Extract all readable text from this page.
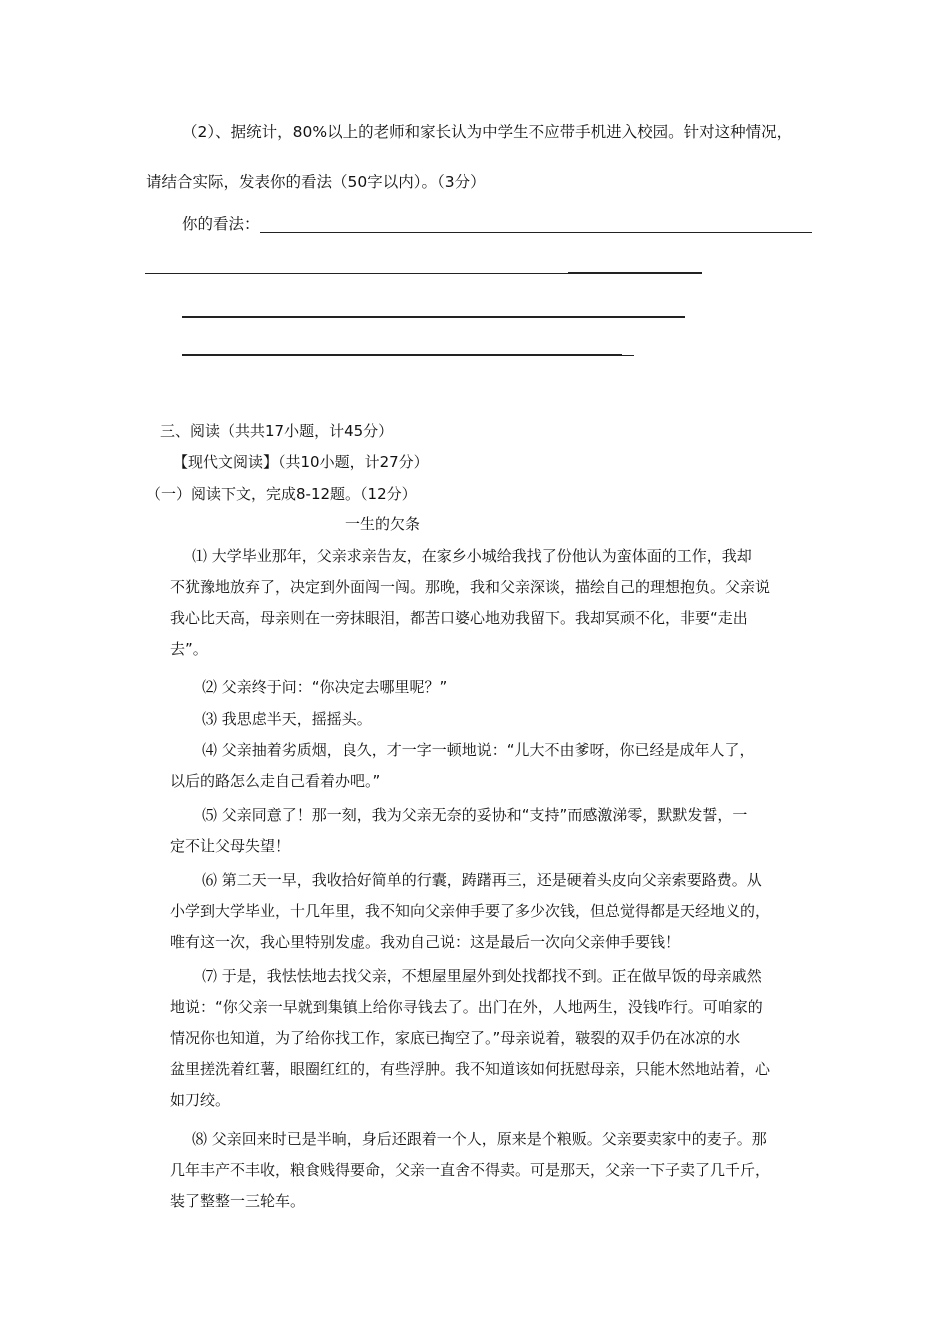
（2）、据统计，80%以上的老师和家长认为中学生不应带手机进入校园。针对这种情况，
请结合实际，发表你的看法（50字以内）。（3分）
你的看法：
三、阅读（共共17小题，计45分）
【现代文阅读】（共10小题，计27分）
（一）阅读下文，完成8-12题。（12分）
一生的欠条
⑴ 大学毕业那年，父亲求亲告友，在家乡小城给我找了份他认为蛮体面的工作，我却
不犹豫地放弃了，决定到外面闯一闯。那晚，我和父亲深谈，描绘自己的理想抱负。父亲说
我心比天高，母亲则在一旁抹眼泪，都苦口婆心地劝我留下。我却冥顽不化，非要“走出
去”。
⑵ 父亲终于问：“你决定去哪里呢？”
⑶ 我思虑半天，摇摇头。
⑷ 父亲抽着劣质烟，良久，才一字一顿地说：“儿大不由爹呀，你已经是成年人了，
以后的路怎么走自己看着办吧。”
⑸ 父亲同意了！那一刻，我为父亲无奈的妥协和“支持”而感激涕零，默默发誓，一
定不让父母失望！
⑹ 第二天一早，我收拾好简单的行囊，踌躇再三，还是硬着头皮向父亲索要路费。从
小学到大学毕业，十几年里，我不知向父亲伸手要了多少次钱，但总觉得都是天经地义的，
唯有这一次，我心里特别发虚。我劝自己说：这是最后一次向父亲伸手要钱！
⑺ 于是，我怯怯地去找父亲，不想屋里屋外到处找都找不到。正在做早饭的母亲戚然
地说：“你父亲一早就到集镇上给你寻钱去了。出门在外，人地两生，没钱咋行。可咱家的
情况你也知道，为了给你找工作，家底已掏空了。”母亲说着，皲裂的双手仍在冰凉的水
盆里搓洗着红薯，眼圈红红的，有些浮肿。我不知道该如何抚慰母亲，只能木然地站着，心
如刀绞。
⑻ 父亲回来时已是半晌，身后还跟着一个人，原来是个粮贩。父亲要卖家中的麦子。那
几年丰产不丰收，粮食贱得要命，父亲一直舍不得卖。可是那天，父亲一下子卖了几千斤，
装了整整一三轮车。
